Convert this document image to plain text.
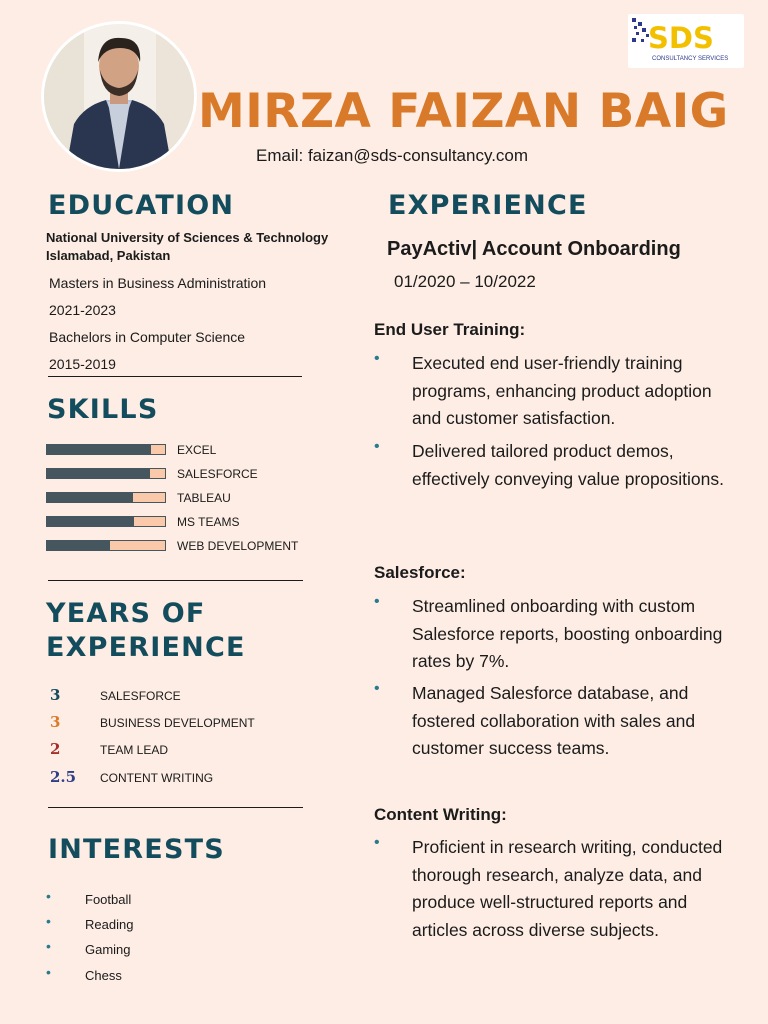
MIRZA FAIZAN BAIG
Email: faizan@sds-consultancy.com
SDS
CONSULTANCY SERVICES
EDUCATION
National University of Sciences & Technology
Islamabad, Pakistan
Masters in Business Administration
2021-2023
Bachelors in Computer Science
2015-2019
SKILLS
EXCEL
SALESFORCE
TABLEAU
MS TEAMS
WEB DEVELOPMENT
YEARS OF
EXPERIENCE
3	SALESFORCE
3	BUSINESS DEVELOPMENT
2	TEAM LEAD
2.5 CONTENT WRITING
INTERESTS
•	Football
•	Reading
•	Gaming
•	Chess
EXPERIENCE
PayActiv| Account Onboarding
01/2020 – 10/2022
End User Training:
• Executed end user-friendly training programs, enhancing product adoption and customer satisfaction.
• Delivered tailored product demos, effectively conveying value propositions.
Salesforce:
• Streamlined onboarding with custom Salesforce reports, boosting onboarding rates by 7%.
• Managed Salesforce database, and fostered collaboration with sales and customer success teams.
Content Writing:
• Proficient in research writing, conducted thorough research, analyze data, and produce well-structured reports and articles across diverse subjects.
